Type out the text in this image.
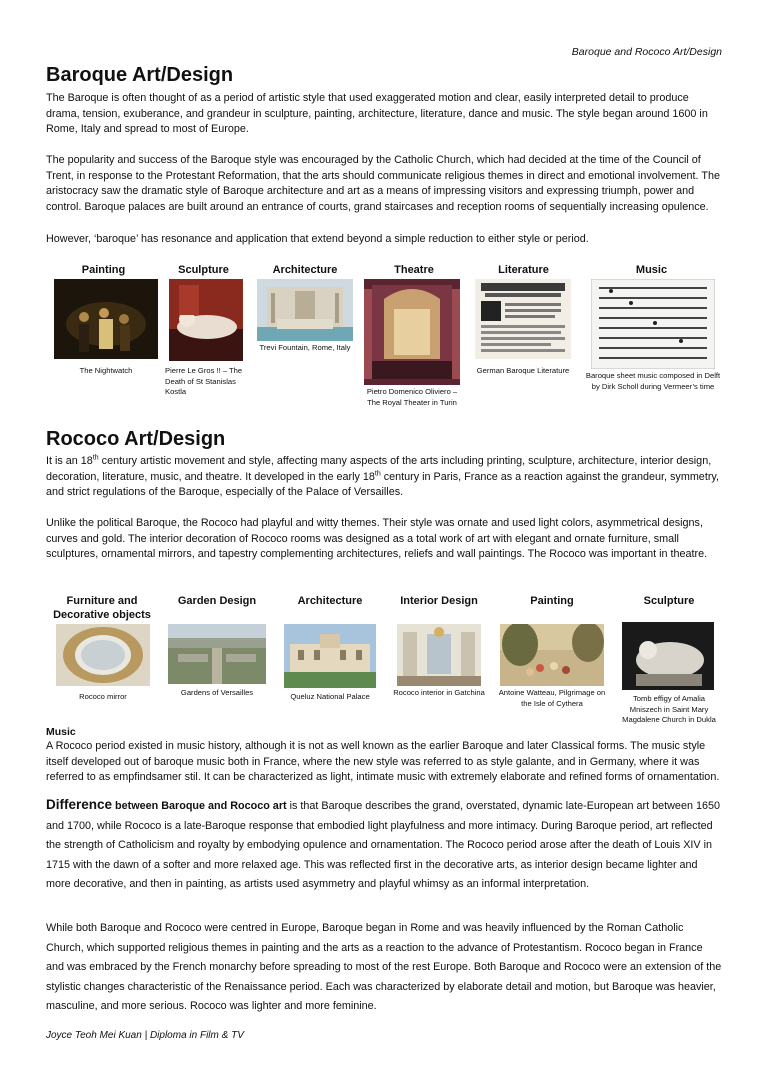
Baroque and Rococo Art/Design
Baroque Art/Design

The Baroque is often thought of as a period of artistic style that used exaggerated motion and clear, easily interpreted detail to produce drama, tension, exuberance, and grandeur in sculpture, painting, architecture, literature, dance and music. The style began around 1600 in Rome, Italy and spread to most of Europe.

The popularity and success of the Baroque style was encouraged by the Catholic Church, which had decided at the time of the Council of Trent, in response to the Protestant Reformation, that the arts should communicate religious themes in direct and emotional involvement. The aristocracy saw the dramatic style of Baroque architecture and art as a means of impressing visitors and expressing triumph, power and control. Baroque palaces are built around an entrance of courts, grand staircases and reception rooms of sequentially increasing opulence.

However, ‘baroque’ has resonance and application that extend beyond a simple reduction to either style or period.

Painting
The Nightwatch
Sculpture
Pierre Le Gros !! – The Death of St Stanislas Kostla
Architecture
Trevi Fountain, Rome, Italy
Theatre
Pietro Domenico Oliviero – The Royal Theater in Turin
Literature
German Baroque Literature
Music
Baroque sheet music composed in Delft by Dirk Scholl during Vermeer’s time
Rococo Art/Design

It is an 18th century artistic movement and style, affecting many aspects of the arts including printing, sculpture, architecture, interior design, decoration, literature, music, and theatre. It developed in the early 18th century in Paris, France as a reaction against the grandeur, symmetry, and strict regulations of the Baroque, especially of the Palace of Versailles.

Unlike the political Baroque, the Rococo had playful and witty themes. Their style was ornate and used light colors, asymmetrical designs, curves and gold. The interior decoration of Rococo rooms was designed as a total work of art with elegant and ornate furniture, small sculptures, ornamental mirrors, and tapestry complementing architectures, reliefs and wall paintings. The Rococo was important in theatre.

Furniture and Decorative objects
Rococo mirror
Garden Design
Gardens of Versailles
Architecture
Queluz National Palace
Interior Design
Rococo interior in Gatchina
Painting
Antoine Watteau, Pilgrimage on the Isle of Cythera
Sculpture
Tomb effigy of Amalia Mniszech in Saint Mary Magdalene Church in Dukla
Music

A Rococo period existed in music history, although it is not as well known as the earlier Baroque and later Classical forms. The music style itself developed out of baroque music both in France, where the new style was referred to as style galante, and in Germany, where it was referred to as empfindsamer stil. It can be characterized as light, intimate music with extremely elaborate and refined forms of ornamentation.

Difference between Baroque and Rococo art is that Baroque describes the grand, overstated, dynamic late-European art between 1650 and 1700, while Rococo is a late-Baroque response that embodied light playfulness and more intimacy. During Baroque period, art reflected the strength of Catholicism and royalty by embodying opulence and ornamentation. The Rococo period arose after the death of Louis XIV in 1715 with the dawn of a softer and more relaxed age. This was reflected first in the decorative arts, as interior design became lighter and more decorative, and then in painting, as artists used asymmetry and playful whimsy as an informal interpretation.

While both Baroque and Rococo were centred in Europe, Baroque began in Rome and was heavily influenced by the Roman Catholic Church, which supported religious themes in painting and the arts as a reaction to the advance of Protestantism. Rococo began in France and was embraced by the French monarchy before spreading to most of the rest Europe. Both Baroque and Rococo were an extension of the stylistic changes characteristic of the Renaissance period. Each was characterized by elaborate detail and motion, but Baroque was heavier, masculine, and more serious. Rococo was lighter and more feminine.

Joyce Teoh Mei Kuan | Diploma in Film & TV
